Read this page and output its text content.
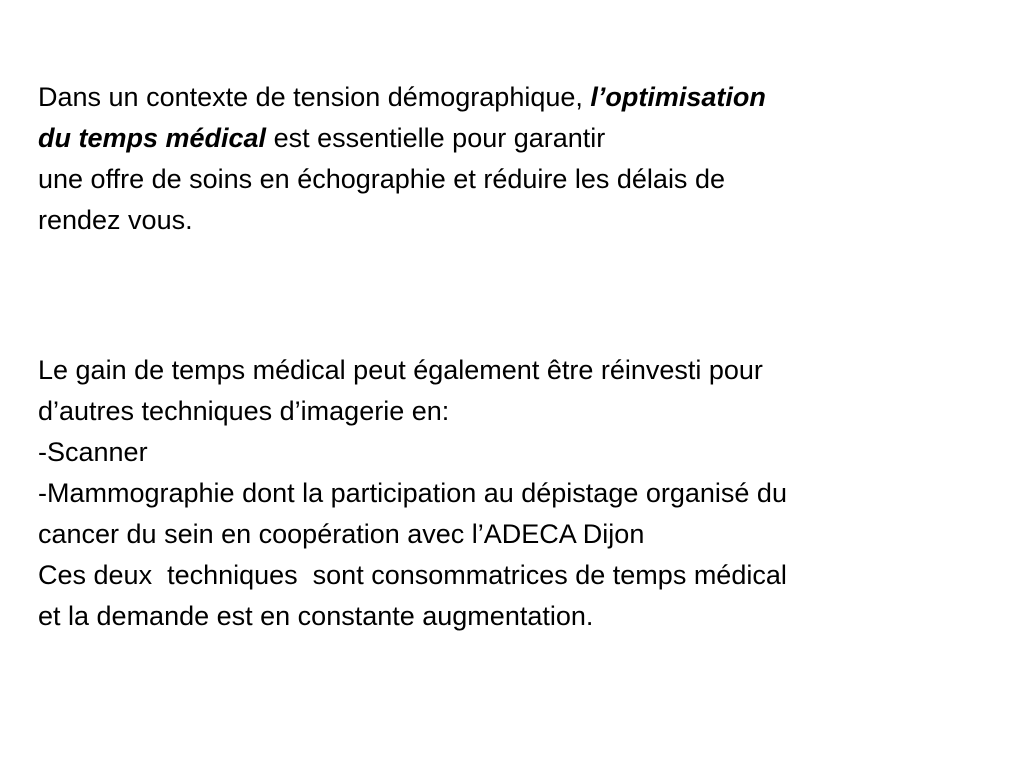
Dans un contexte de tension démographique, l’optimisation
du temps médical est essentielle pour garantir
une offre de soins en échographie et réduire les délais de
rendez vous.
Le gain de temps médical peut également être réinvesti pour
d’autres techniques d’imagerie en:
-Scanner
-Mammographie dont la participation au dépistage organisé du
cancer du sein en coopération avec l’ADECA Dijon
Ces deux  techniques  sont consommatrices de temps médical
et la demande est en constante augmentation.
